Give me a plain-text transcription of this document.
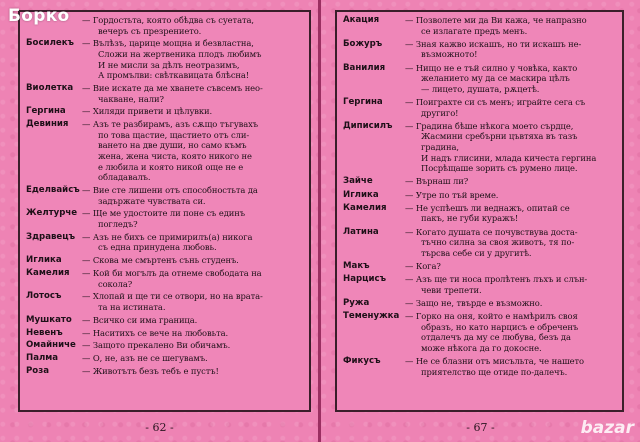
— Гордостьта, която обѣдва съ суетата,
вечеръ съ презрението.
Босилекъ — Вълѣзъ, царице мощна и безвластна,
Сложи на жертвеника плодъ любимъ
И не мисли за дѣлъ неотразимъ,
А промълви: свѣткавицата блѣсна!
Виолетка — Вие искате да ме хванете съвсемъ нео-
чакване, нали?
Гергина — Хиляди привети и цѣлувки.
Девиния — Азъ те разбирамъ, азъ сѫщо тъгувахъ
по това щастие, щастието отъ сли-
ването на две души, но само къмъ
жена, жена чиста, която никого не
е любила и която никой още не е
обладавалъ.
Еделвайсъ — Вие сте лишени отъ способностьта да
задържате чувствата си.
Желтурче — Ще ме удостоите ли поне съ единъ
погледъ?
Здравецъ — Азъ не бихъ се примирилъ(а) никога
съ една принудена любовь.
Иглика — Скова ме смъртенъ сънь студенъ.
Камелия — Кой би могълъ да отнеме свободата на
сокола?
Лотосъ — Хлопай и ще ти се отвори, но на врата-
та на истината.
Мушкато — Всичко си има граница.
Невенъ — Наситихъ се вече на любовьта.
Омайниче — Защото прекалено Ви обичамъ.
Палма	— О, не, азъ не се шегувамъ.
Роза	— Животътъ безъ тебъ е пустъ!
- 62 -
Акация	— Позволете ми да Ви кажа, че напразно
се излагате предъ менъ.
Божуръ	— Зная кажво искашъ, но ти искашъ не-
възможното!
Ванилия — Нищо не е тъй силно у човѣка, както
желанието му да се маскира цѣлъ
— лицето, душата, рѫцетѣ.
Гергина	— Поиграхте си съ менъ; играйте сега съ
другиго!
Диписилъ — Градина бѣше нѣкога моето сърдце,
Жасмини сребърни цъвтяха въ тазъ
градина,
И надъ глисини, млада кичеста гергина
Посрѣщаше зорить съ румено лице.
Зайче	— Върнаш ли?
Иглика	— Утре по тъй време.
Камелия — Не успѣешъ ли веднажъ, опитай се
пакъ, не губи куражъ!
Латина	— Когато душата се почувствува доста-
тъчно силна за своя животъ, тя по-
търсва себе си у другитѣ.
Макъ	— Кога?
Нарцисъ — Азъ ще ти носа пролѣтенъ лъхъ и слън-
чеви трепети.
Ружа	— Защо не, твърде е възможно.
Теменужка — Горко на оня, който е намѣрилъ своя
образъ, но като нарцисъ е обреченъ
отдалечъ да му се любува, безъ да
може нѣкога да го докосне.
Фикусъ	— Не се блазни отъ мисъльта, че нашето
приятелство ще отиде по-далечъ.
- 67 -
Борко
bazar
